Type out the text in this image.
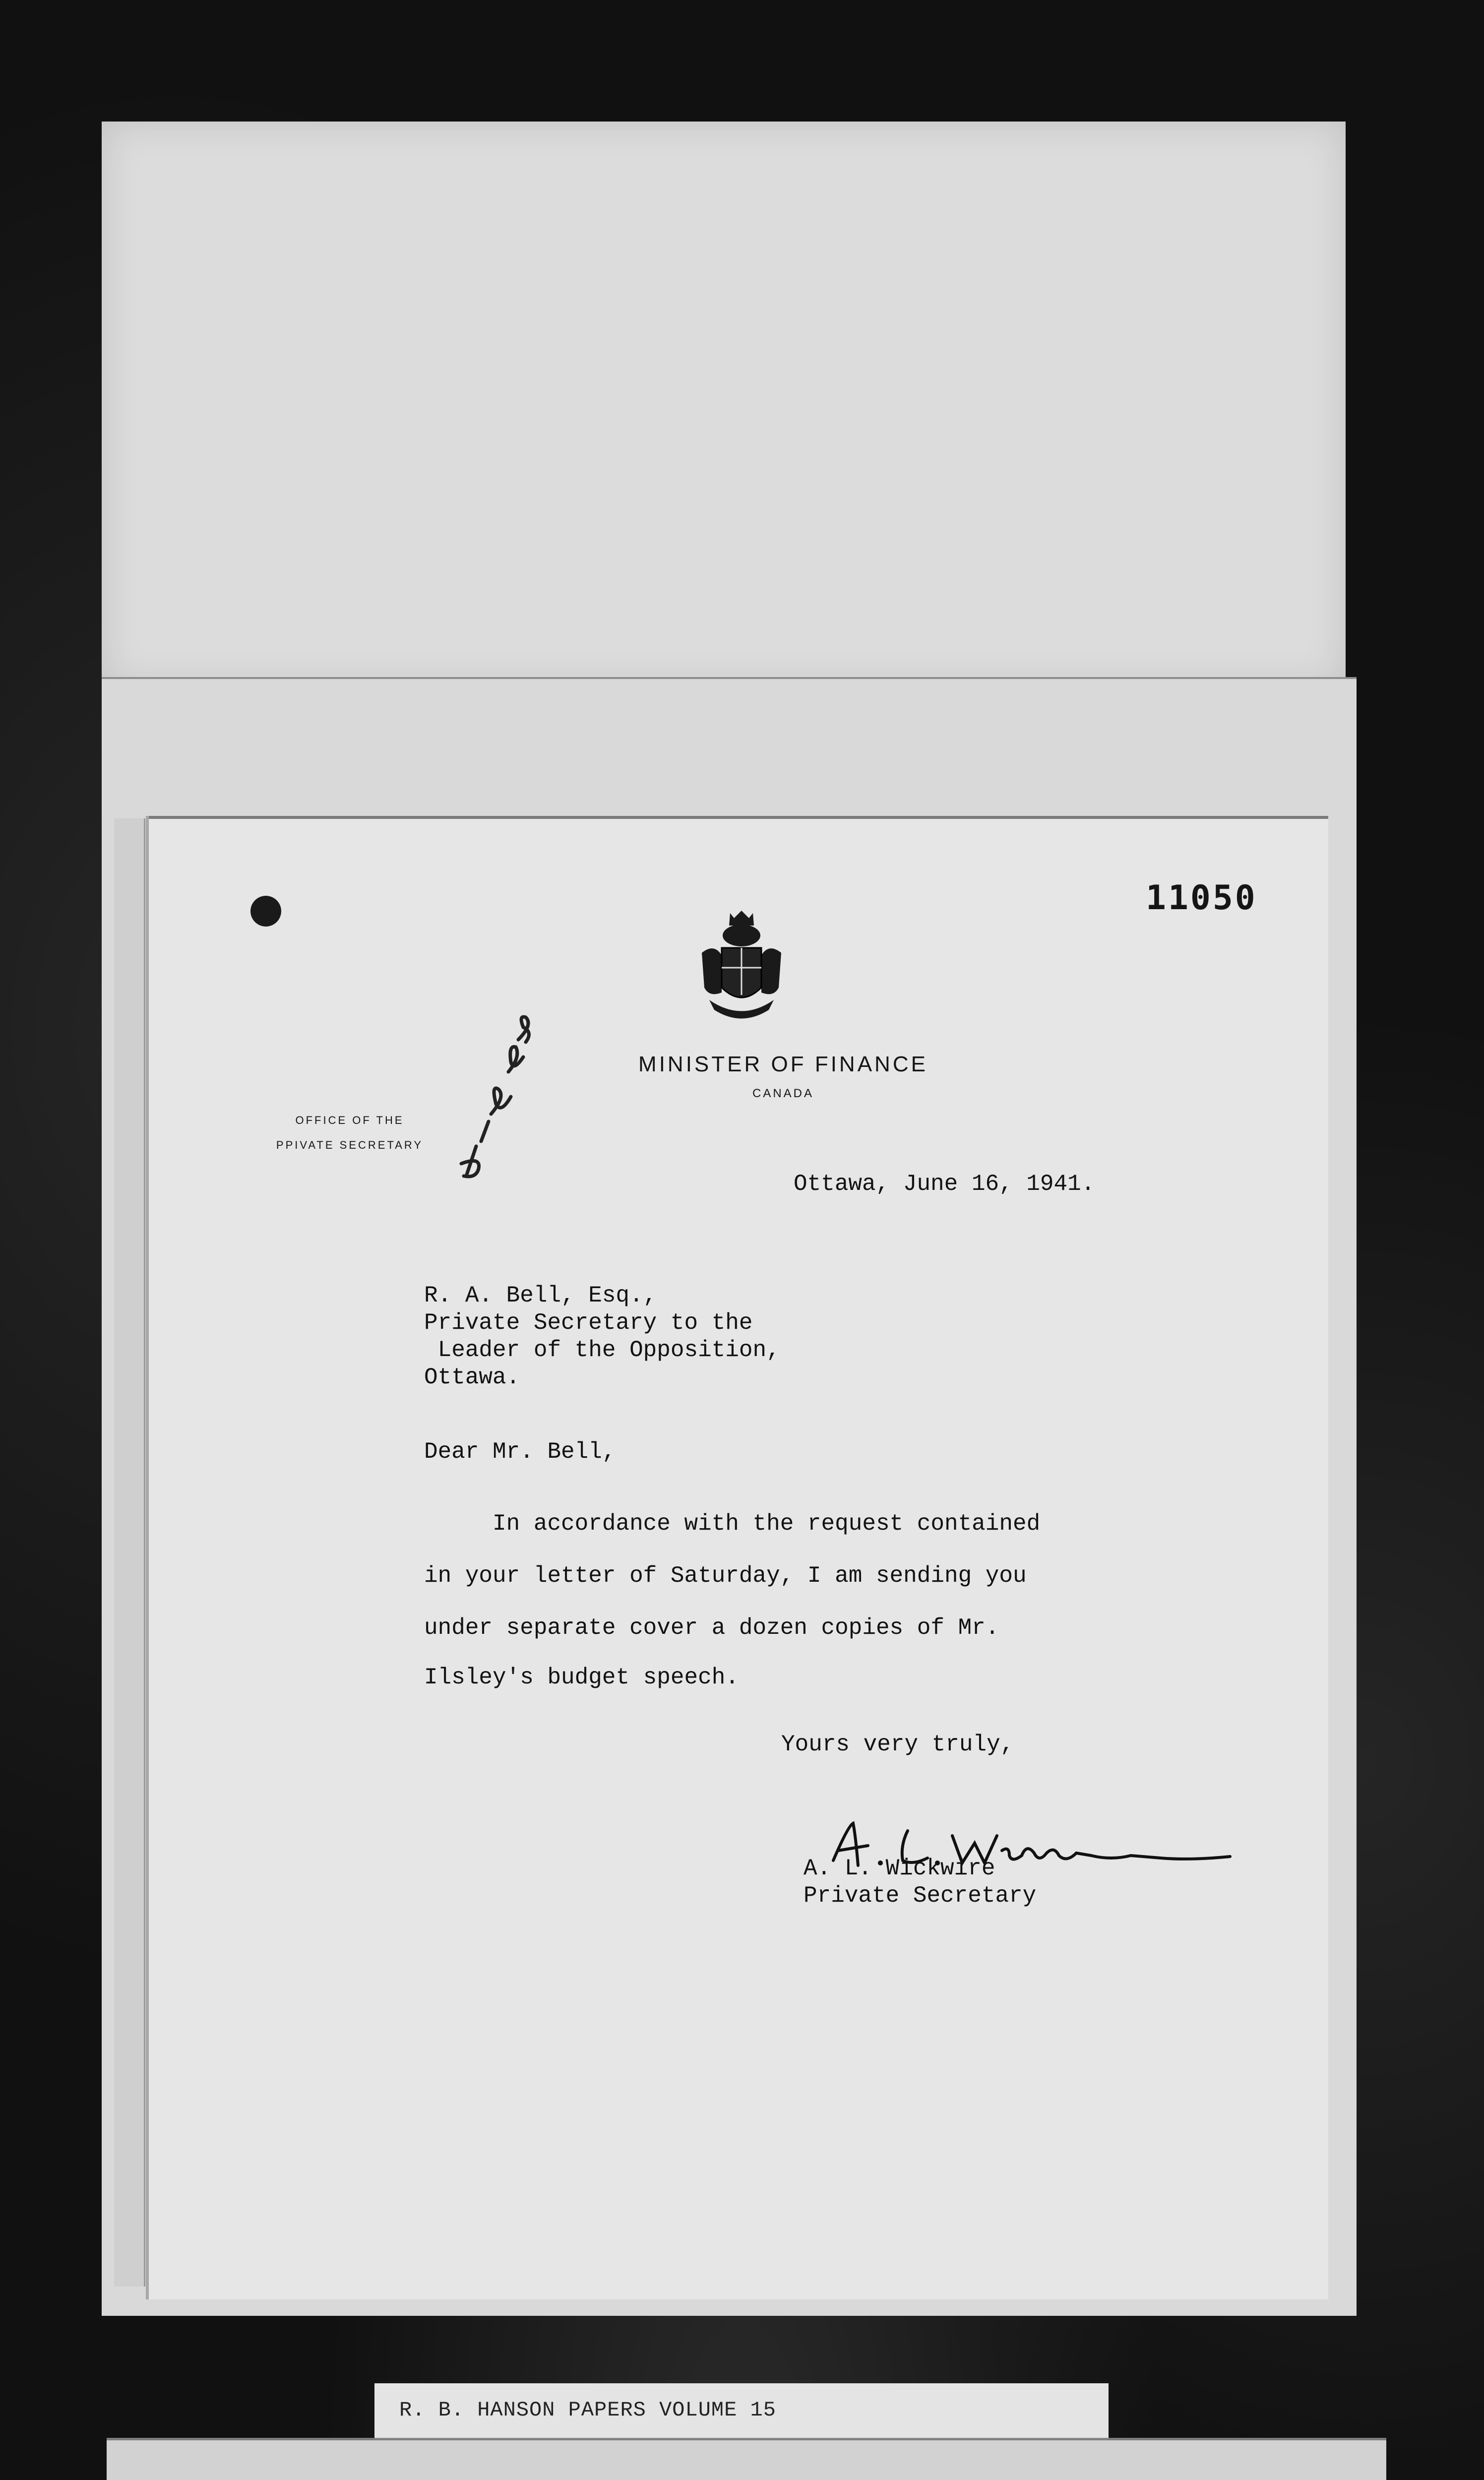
11050
MINISTER OF FINANCE
CANADA
OFFICE OF THE
PPIVATE SECRETARY
Ottawa, June 16, 1941.
R. A. Bell, Esq.,
Private Secretary to the
Leader of the Opposition,
Ottawa.
Dear Mr. Bell,
In accordance with the request contained
in your letter of Saturday, I am sending you
under separate cover a dozen copies of Mr.
Ilsley's budget speech.
Yours very truly,
A. L. Wickwire
Private Secretary
R. B. HANSON PAPERS VOLUME 15
